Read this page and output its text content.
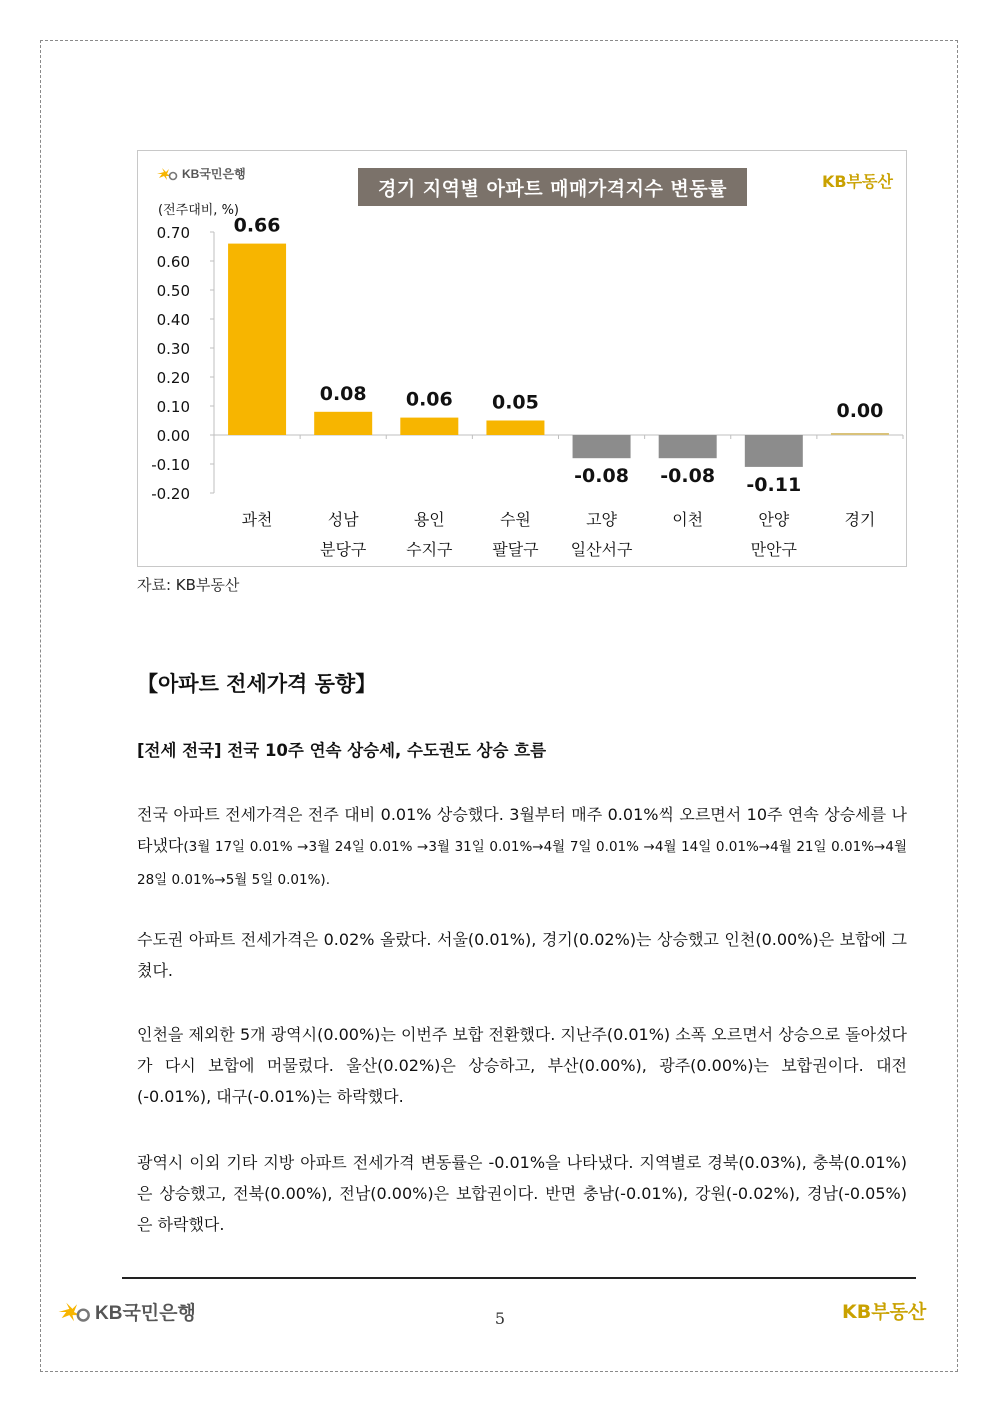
KB국민은행
경기 지역별 아파트 매매가격지수 변동률	KB부동산
(전주대비, %)
0.70
0.60
0.50
0.40
0.30
0.20
0.10
0.00
-0.10
-0.20
0.66
과천
0.08
성남
분당구
0.06
용인
수지구
0.05
수원
팔달구
-0.08
고양
일산서구
-0.08
이천
-0.11
안양
만안구
0.00
경기
자료: KB부동산
【아파트 전세가격 동향】
[전세 전국] 전국 10주 연속 상승세, 수도권도 상승 흐름

전국 아파트 전세가격은 전주 대비 0.01% 상승했다. 3월부터 매주 0.01%씩 오르면서 10주 연속 상승세를 나타냈다(3월 17일 0.01% →3월 24일 0.01% →3월 31일 0.01%→4월 7일 0.01% →4월 14일 0.01%→4월 21일 0.01%→4월 28일 0.01%→5월 5일 0.01%).

수도권 아파트 전세가격은 0.02% 올랐다. 서울(0.01%), 경기(0.02%)는 상승했고 인천(0.00%)은 보합에 그쳤다.

인천을 제외한 5개 광역시(0.00%)는 이번주 보합 전환했다. 지난주(0.01%) 소폭 오르면서 상승으로 돌아섰다가 다시 보합에 머물렀다. 울산(0.02%)은 상승하고, 부산(0.00%), 광주(0.00%)는 보합권이다. 대전(-0.01%), 대구(-0.01%)는 하락했다.

광역시 이외 기타 지방 아파트 전세가격 변동률은 -0.01%을 나타냈다. 지역별로 경북(0.03%), 충북(0.01%)은 상승했고, 전북(0.00%), 전남(0.00%)은 보합권이다. 반면 충남(-0.01%), 강원(-0.02%), 경남(-0.05%)은 하락했다.

KB국민은행	5	KB부동산
